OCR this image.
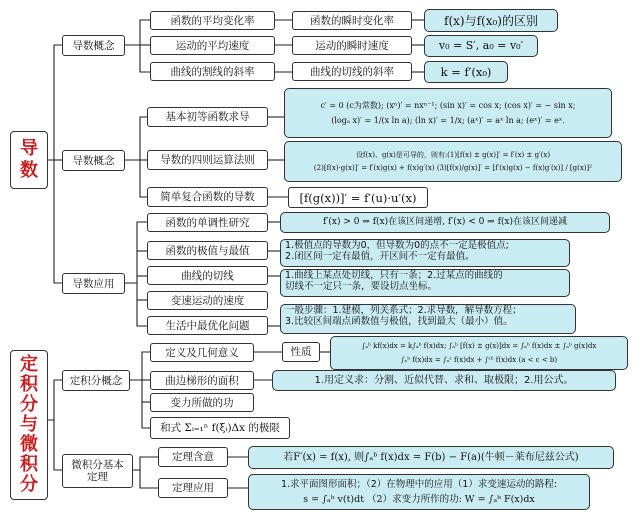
导
数
定
积
分
与
微
积
分
导数概念
函数的平均变化率
运动的平均速度
曲线的割线的斜率
函数的瞬时变化率
运动的瞬时速度
曲线的切线的斜率
f(x)与f(x₀)的区别
v₀ = S′, a₀ = v₀′
k = f′(x₀)
导数概念
基本初等函数求导
导数的四则运算法则
简单复合函数的导数
c′ = 0 (c为常数); (xⁿ)′ = nxⁿ⁻¹; (sin x)′ = cos x; (cos x)′ = − sin x;
(logₐ x)′ = 1/(x ln a); (ln x)′ = 1/x; (aˣ)′ = aˣ ln a; (eˣ)′ = eˣ.
设f(x)、g(x)是可导的，则有:(1)[f(x) ± g(x)]′ = f′(x) ± g′(x)
(2)[f(x)·g(x)]′ = f′(x)g(x) + f(x)g′(x) (3)[f(x)/g(x)]′ = [f′(x)g(x) − f(x)g′(x)] / [g(x)]²
[f(g(x))]′ = f′(u)·u′(x)
导数应用
函数的单调性研究
函数的极值与最值
曲线的切线
变速运动的速度
生活中最优化问题
f′(x) > 0 ⇒ f(x)在该区间递增, f′(x) < 0 ⇒ f(x)在该区间递减
1.极值点的导数为0，但导数为0的点不一定是极值点;
2.闭区间一定有最值，开区间不一定有最值。
1.曲线上某点处切线，只有一条；2.过某点的曲线的
切线不一定只一条，要设切点坐标。
一般步骤：1.建模，列关系式；2.求导数，解导数方程；
3.比较区间端点函数值与极值，找到最大（最小）值。
定积分概念
定义及几何意义
曲边梯形的面积
变力所做的功
和式 Σᵢ₌₁ⁿ f(ξᵢ)Δx 的极限
性质	∫ₐᵇ kf(x)dx = k∫ₐᵇ f(x)dx; ∫ₐᵇ [f(x) ± g(x)]dx = ∫ₐᵇ f(x)dx ± ∫ₐᵇ g(x)dx
∫ₐᵇ f(x)dx = ∫ₐᶜ f(x)dx + ∫ᶜᵇ f(x)dx (a < c < b)
1.用定义求：分割、近似代替、求和、取极限；2.用公式。
微积分基本
定理
定理含意
定理应用
若F′(x) = f(x), 则∫ₐᵇ f(x)dx = F(b) − F(a)(牛顿－莱布尼兹公式)
1.求平面图形面积；（2）在物理中的应用（1）求变速运动的路程:
s = ∫ₐᵇ v(t)dt （2）求变力所作的功: W = ∫ₐᵇ F(x)dx
